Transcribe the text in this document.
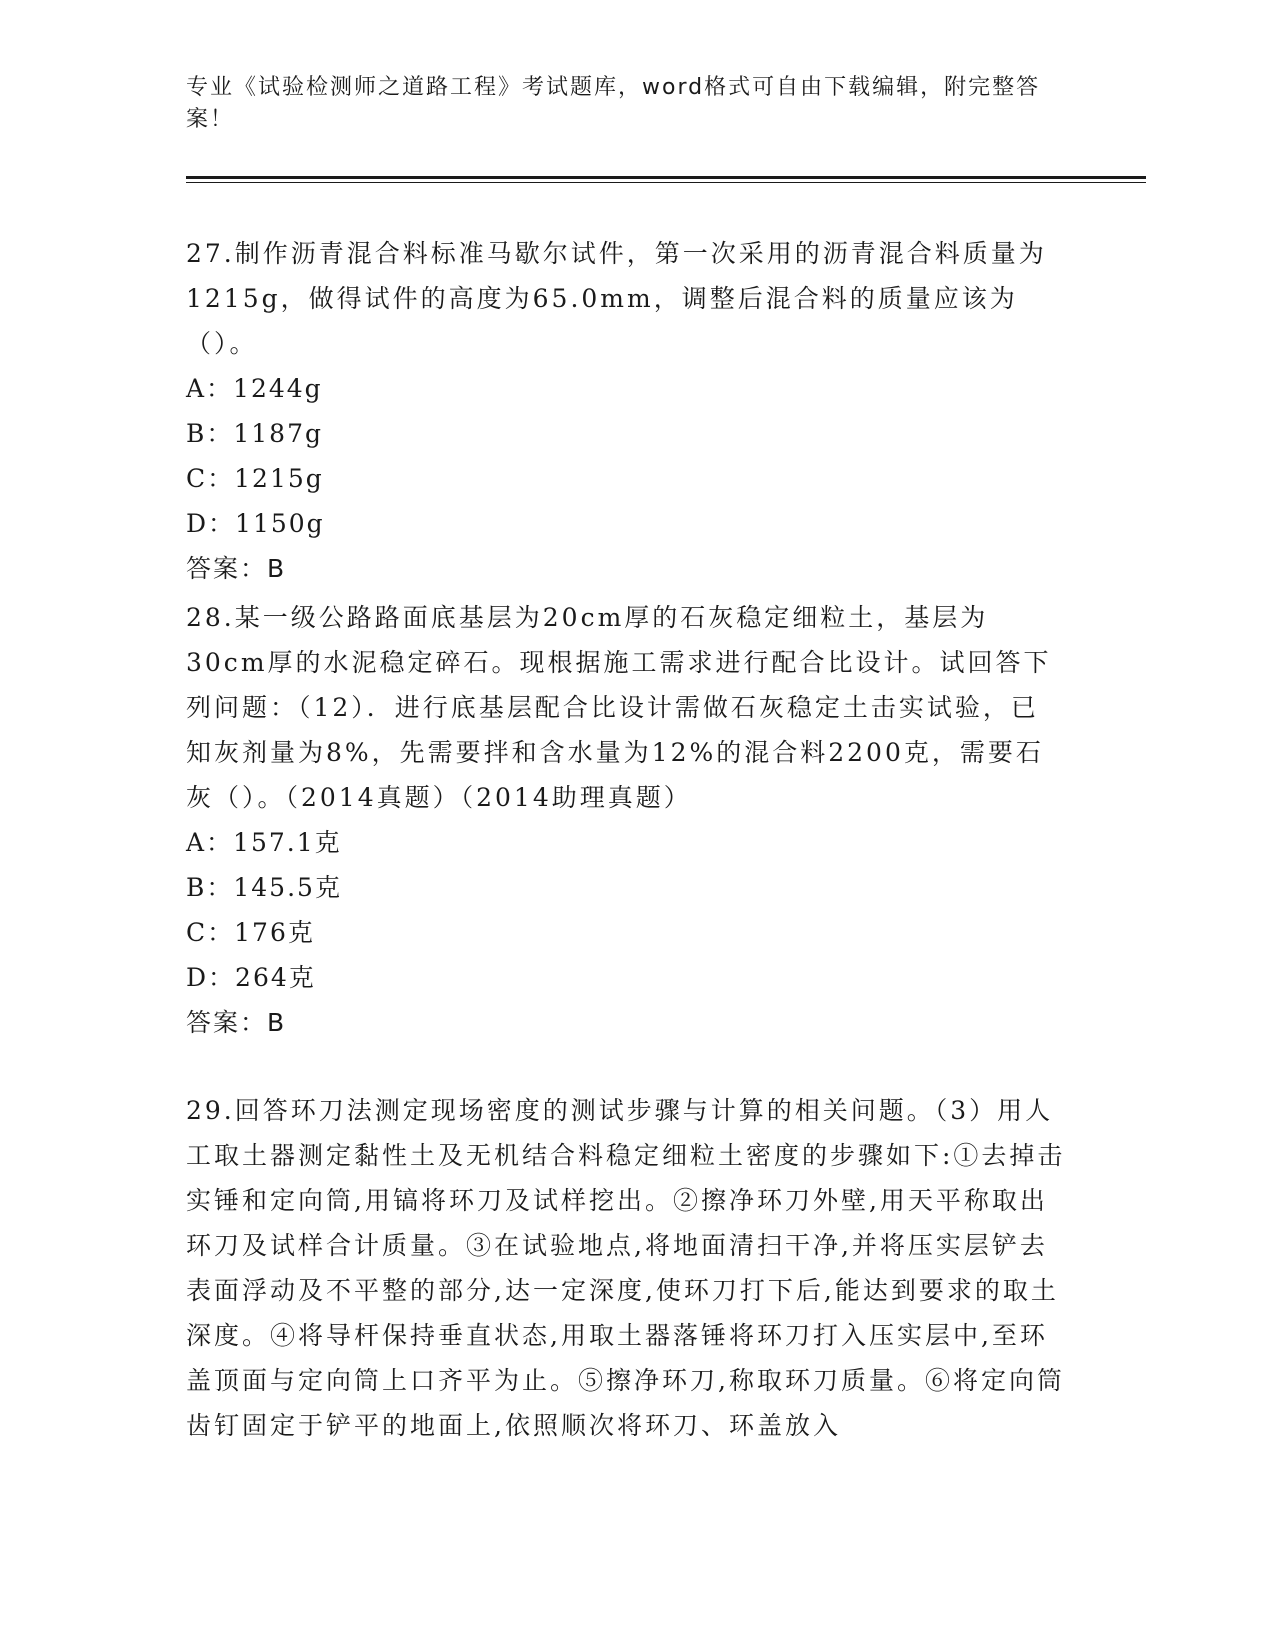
专业《试验检测师之道路工程》考试题库，word格式可自由下载编辑，附完整答案！

27.制作沥青混合料标准马歇尔试件，第一次采用的沥青混合料质量为1215g，做得试件的高度为65.0mm，调整后混合料的质量应该为（）。

A：1244g

B：1187g

C：1215g

D：1150g

答案：B

28.某一级公路路面底基层为20cm厚的石灰稳定细粒土，基层为30cm厚的水泥稳定碎石。现根据施工需求进行配合比设计。试回答下列问题：（12）．进行底基层配合比设计需做石灰稳定土击实试验，已知灰剂量为8%，先需要拌和含水量为12%的混合料2200克，需要石灰（）。（2014真题）（2014助理真题）

A：157.1克

B：145.5克

C：176克

D：264克

答案：B

29.回答环刀法测定现场密度的测试步骤与计算的相关问题。（3）用人工取土器测定黏性土及无机结合料稳定细粒土密度的步骤如下:①去掉击实锤和定向筒,用镐将环刀及试样挖出。②擦净环刀外壁,用天平称取出环刀及试样合计质量。③在试验地点,将地面清扫干净,并将压实层铲去表面浮动及不平整的部分,达一定深度,使环刀打下后,能达到要求的取土深度。④将导杆保持垂直状态,用取土器落锤将环刀打入压实层中,至环盖顶面与定向筒上口齐平为止。⑤擦净环刀,称取环刀质量。⑥将定向筒齿钉固定于铲平的地面上,依照顺次将环刀、环盖放入
